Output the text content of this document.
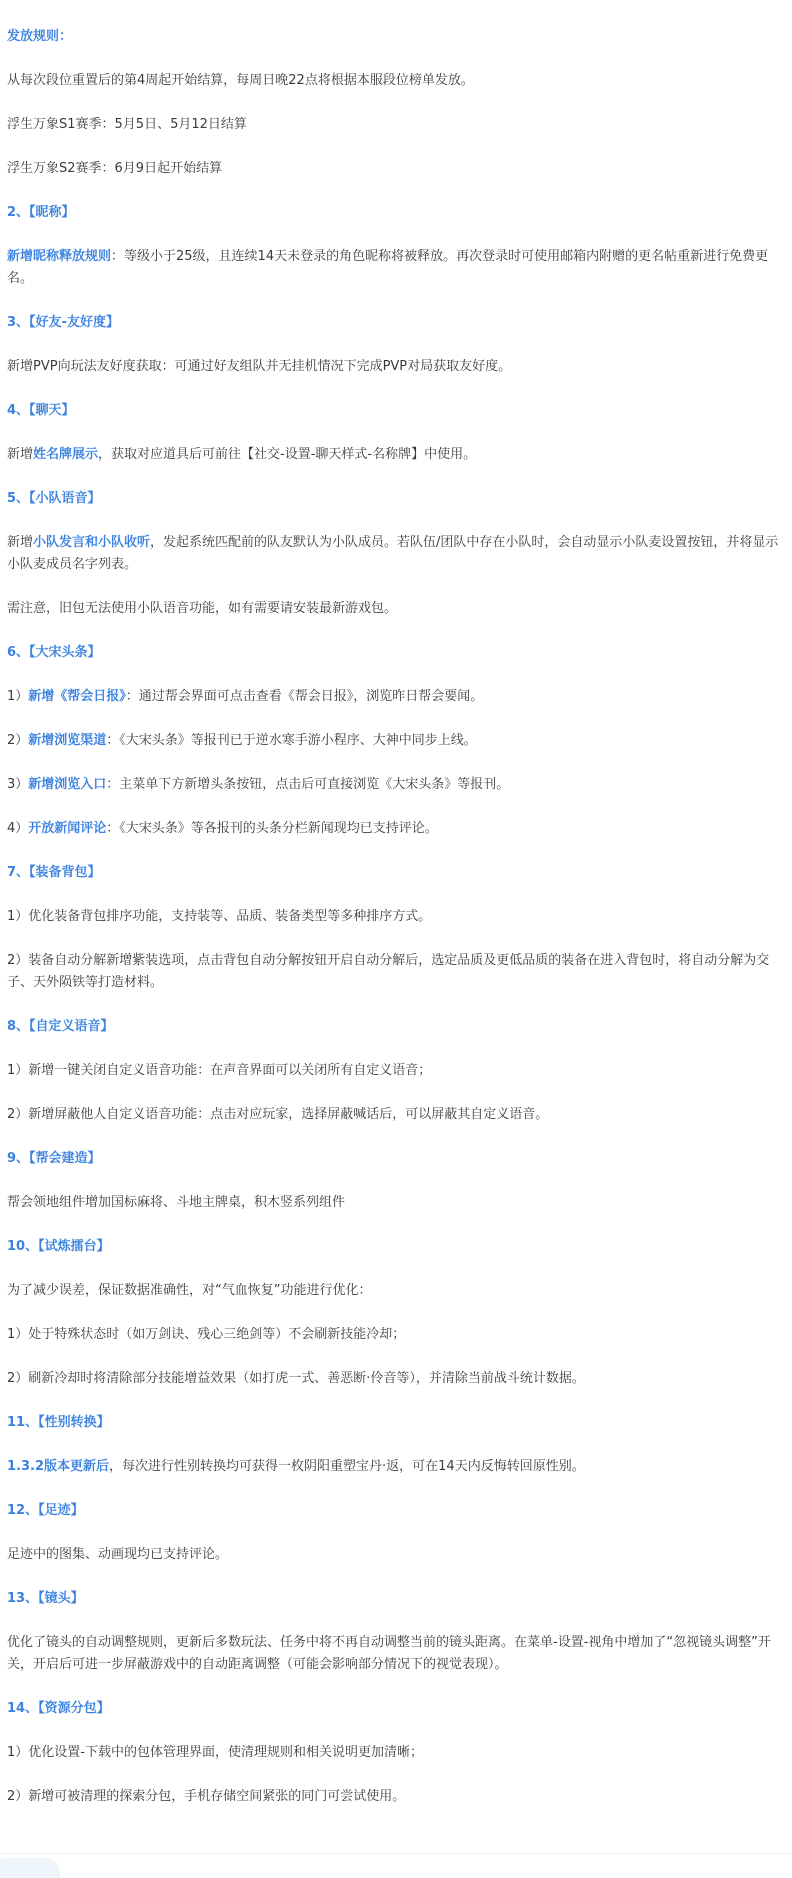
发放规则：
从每次段位重置后的第4周起开始结算，每周日晚22点将根据本服段位榜单发放。
浮生万象S1赛季：5月5日、5月12日结算
浮生万象S2赛季：6月9日起开始结算
2、【昵称】
新增昵称释放规则：等级小于25级，且连续14天未登录的角色昵称将被释放。再次登录时可使用邮箱内附赠的更名帖重新进行免费更名。
3、【好友-友好度】
新增PVP向玩法友好度获取：可通过好友组队并无挂机情况下完成PVP对局获取友好度。
4、【聊天】
新增姓名牌展示，获取对应道具后可前往【社交-设置-聊天样式-名称牌】中使用。
5、【小队语音】
新增小队发言和小队收听，发起系统匹配前的队友默认为小队成员。若队伍/团队中存在小队时，会自动显示小队麦设置按钮，并将显示小队麦成员名字列表。
需注意，旧包无法使用小队语音功能，如有需要请安装最新游戏包。
6、【大宋头条】
1）新增《帮会日报》：通过帮会界面可点击查看《帮会日报》，浏览昨日帮会要闻。
2）新增浏览渠道：《大宋头条》等报刊已于逆水寒手游小程序、大神中同步上线。
3）新增浏览入口：主菜单下方新增头条按钮，点击后可直接浏览《大宋头条》等报刊。
4）开放新闻评论：《大宋头条》等各报刊的头条分栏新闻现均已支持评论。
7、【装备背包】
1）优化装备背包排序功能，支持装等、品质、装备类型等多种排序方式。
2）装备自动分解新增紫装选项，点击背包自动分解按钮开启自动分解后，选定品质及更低品质的装备在进入背包时，将自动分解为交子、天外陨铁等打造材料。
8、【自定义语音】
1）新增一键关闭自定义语音功能：在声音界面可以关闭所有自定义语音；
2）新增屏蔽他人自定义语音功能：点击对应玩家，选择屏蔽喊话后，可以屏蔽其自定义语音。
9、【帮会建造】
帮会领地组件增加国标麻将、斗地主牌桌，积木竖系列组件
10、【试炼擂台】
为了减少误差，保证数据准确性，对“气血恢复”功能进行优化：
1）处于特殊状态时（如万剑诀、残心三绝剑等）不会刷新技能冷却；
2）刷新冷却时将清除部分技能增益效果（如打虎一式、善恶断·伶音等），并清除当前战斗统计数据。
11、【性别转换】
1.3.2版本更新后，每次进行性别转换均可获得一枚阴阳重塑宝丹·返，可在14天内反悔转回原性别。
12、【足迹】
足迹中的图集、动画现均已支持评论。
13、【镜头】
优化了镜头的自动调整规则，更新后多数玩法、任务中将不再自动调整当前的镜头距离。在菜单-设置-视角中增加了“忽视镜头调整”开关，开启后可进一步屏蔽游戏中的自动距离调整（可能会影响部分情况下的视觉表现）。
14、【资源分包】
1）优化设置-下载中的包体管理界面，使清理规则和相关说明更加清晰；
2）新增可被清理的探索分包，手机存储空间紧张的同门可尝试使用。
